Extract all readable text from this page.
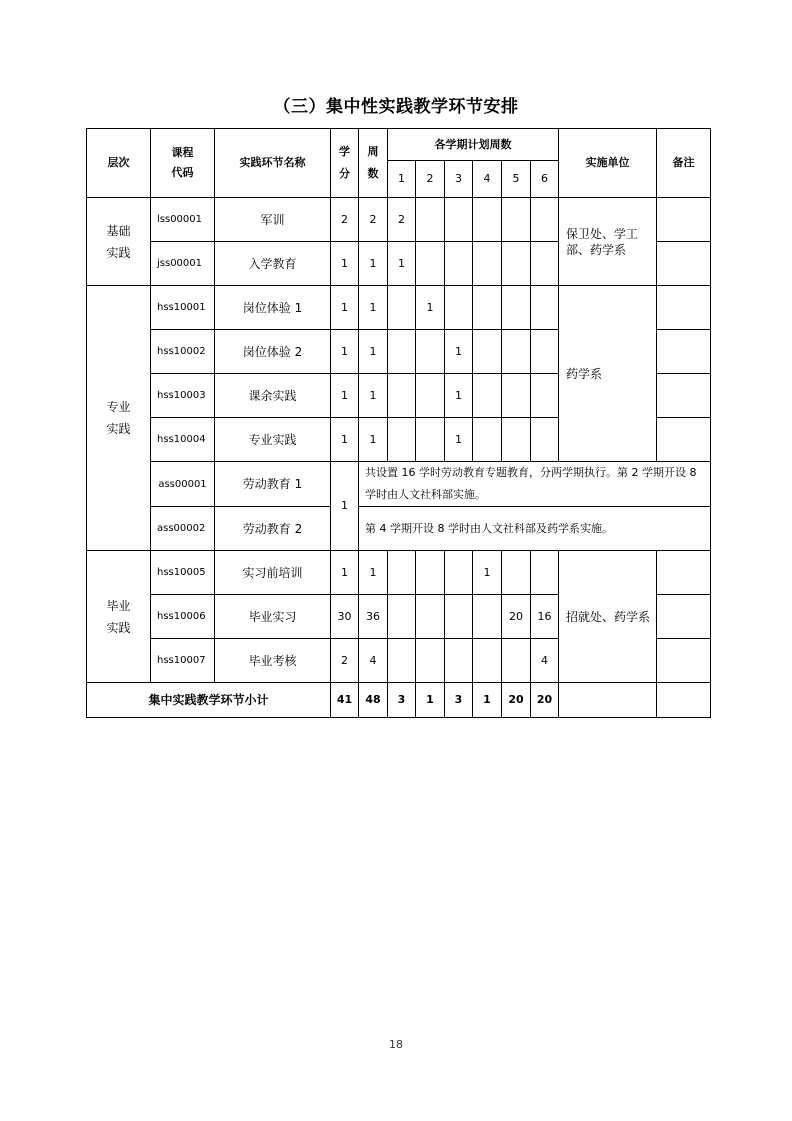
（三）集中性实践教学环节安排
层次	课程代码	实践环节名称	学分	周数	各学期计划周数						实施单位	备注
					1	2	3	4	5	6		
基础实践	lss00001	军训	2	2	2						保卫处、学工部、药学系	
	jss00001	入学教育	1	1	1							
专业实践	hss10001	岗位体验 1	1	1		1					药学系	
	hss10002	岗位体验 2	1	1			1					
	hss10003	课余实践	1	1			1					
	hss10004	专业实践	1	1			1					
	ass00001	劳动教育 1	1	共设置 16 学时劳动教育专题教育，分两学期执行。第 2 学期开设 8 学时由人文社科部实施。								
	ass00002	劳动教育 2		第 4 学期开设 8 学时由人文社科部及药学系实施。								
毕业实践	hss10005	实习前培训	1	1				1			招就处、药学系	
	hss10006	毕业实习	30	36					20	16		
	hss10007	毕业考核	2	4						4		
集中实践教学环节小计			41	48	3	1	3	1	20	20		
18
